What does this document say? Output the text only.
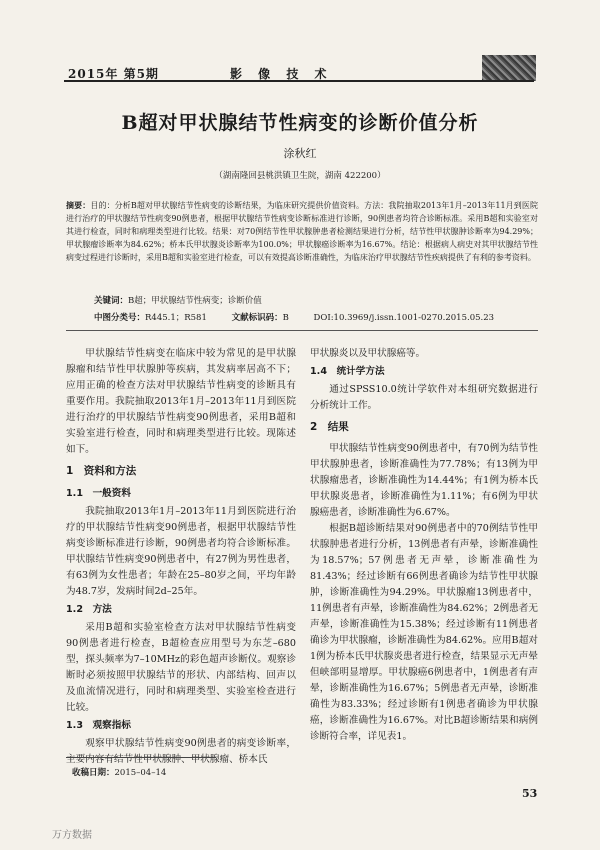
2015年 第5期	影 像 技 术
B超对甲状腺结节性病变的诊断价值分析
涂秋红
（湖南隆回县桃洪镇卫生院，湖南 422200）
摘要：目的：分析B超对甲状腺结节性病变的诊断结果，为临床研究提供价值资料。方法：我院抽取2013年1月–2013年11月到医院进行治疗的甲状腺结节性病变90例患者，根据甲状腺结节性病变诊断标准进行诊断，90例患者均符合诊断标准。采用B超和实验室对其进行检查，同时和病理类型进行比较。结果：对70例结节性甲状腺肿患者检测结果进行分析，结节性甲状腺肿诊断率为94.29%；甲状腺瘤诊断率为84.62%；桥本氏甲状腺炎诊断率为100.0%；甲状腺癌诊断率为16.67%。结论：根据病人病史对其甲状腺结节性病变过程进行诊断时，采用B超和实验室进行检查，可以有效提高诊断准确性，为临床治疗甲状腺结节性疾病提供了有利的参考资料。
关键词：B超；甲状腺结节性病变；诊断价值
中图分类号：R445.1；R581	文献标识码：B	DOI:10.3969/j.issn.1001-0270.2015.05.23

甲状腺结节性病变在临床中较为常见的是甲状腺腺瘤和结节性甲状腺肿等疾病，其发病率居高不下；应用正确的检查方法对甲状腺结节性病变的诊断具有重要作用。我院抽取2013年1月–2013年11月到医院进行治疗的甲状腺结节性病变90例患者，采用B超和实验室进行检查，同时和病理类型进行比较。现陈述如下。

1　资料和方法
1.1　一般资料

我院抽取2013年1月–2013年11月到医院进行治疗的甲状腺结节性病变90例患者，根据甲状腺结节性病变诊断标准进行诊断，90例患者均符合诊断标准。甲状腺结节性病变90例患者中，有27例为男性患者，有63例为女性患者；年龄在25–80岁之间，平均年龄为48.7岁，发病时间2d–25年。

1.2　方法

采用B超和实验室检查方法对甲状腺结节性病变90例患者进行检查，B超检查应用型号为东芝–680型，探头频率为7–10MHz的彩色超声诊断仪。观察诊断时必须按照甲状腺结节的形状、内部结构、回声以及血流情况进行，同时和病理类型、实验室检查进行比较。

1.3　观察指标

观察甲状腺结节性病变90例患者的病变诊断率，主要内容有结节性甲状腺肿、甲状腺瘤、桥本氏

甲状腺炎以及甲状腺癌等。

1.4　统计学方法

通过SPSS10.0统计学软件对本组研究数据进行分析统计工作。

2　结果

甲状腺结节性病变90例患者中，有70例为结节性甲状腺肿患者，诊断准确性为77.78%；有13例为甲状腺瘤患者，诊断准确性为14.44%；有1例为桥本氏甲状腺炎患者，诊断准确性为1.11%；有6例为甲状腺癌患者，诊断准确性为6.67%。

根据B超诊断结果对90例患者中的70例结节性甲状腺肿患者进行分析，13例患者有声晕，诊断准确性为18.57%；57例患者无声晕，诊断准确性为81.43%；经过诊断有66例患者确诊为结节性甲状腺肿，诊断准确性为94.29%。甲状腺瘤13例患者中，11例患者有声晕，诊断准确性为84.62%；2例患者无声晕，诊断准确性为15.38%；经过诊断有11例患者确诊为甲状腺瘤，诊断准确性为84.62%。应用B超对1例为桥本氏甲状腺炎患者进行检查，结果显示无声晕但峡部明显增厚。甲状腺癌6例患者中，1例患者有声晕，诊断准确性为16.67%；5例患者无声晕，诊断准确性为83.33%；经过诊断有1例患者确诊为甲状腺癌，诊断准确性为16.67%。对比B超诊断结果和病例诊断符合率，详见表1。

收稿日期：2015–04–14
53
万方数据
